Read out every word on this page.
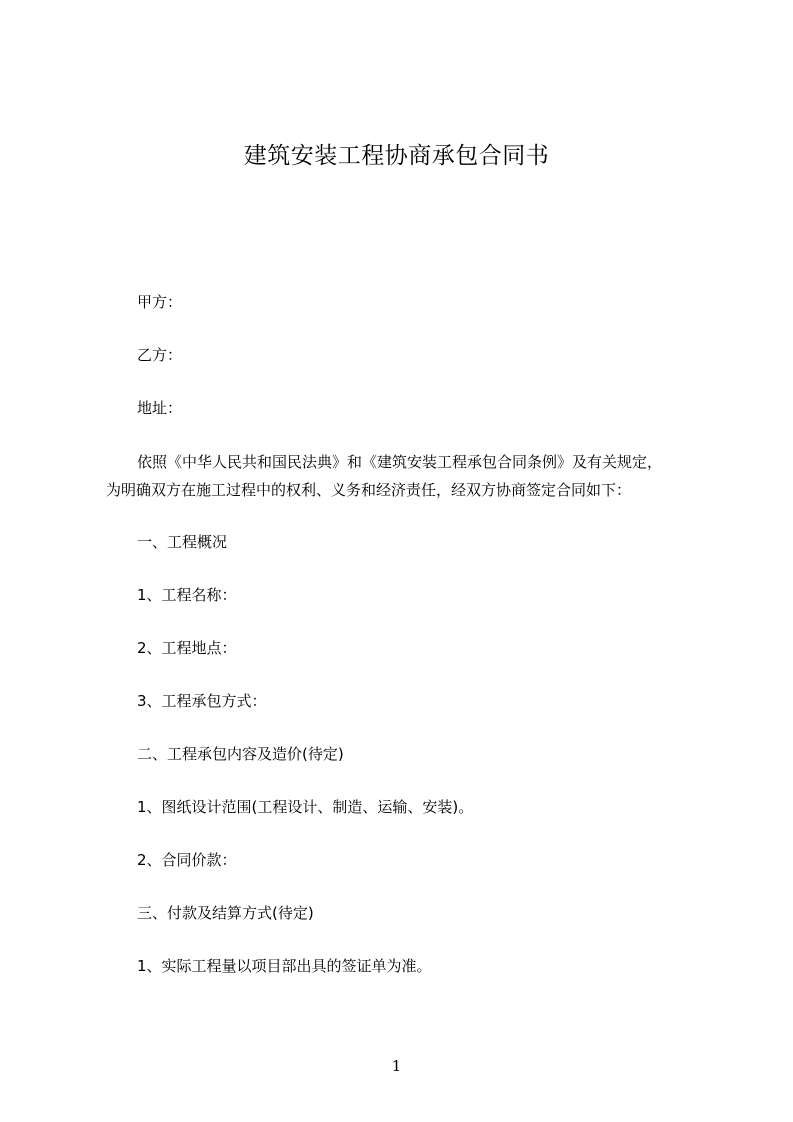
建筑安装工程协商承包合同书
甲方：
乙方：
地址：
依照《中华人民共和国民法典》和《建筑安装工程承包合同条例》及有关规定，
为明确双方在施工过程中的权利、义务和经济责任，经双方协商签定合同如下：
一、工程概况
1、工程名称：
2、工程地点：
3、工程承包方式：
二、工程承包内容及造价(待定)
1、图纸设计范围(工程设计、制造、运输、安装)。
2、合同价款：
三、付款及结算方式(待定)
1、实际工程量以项目部出具的签证单为准。
1
